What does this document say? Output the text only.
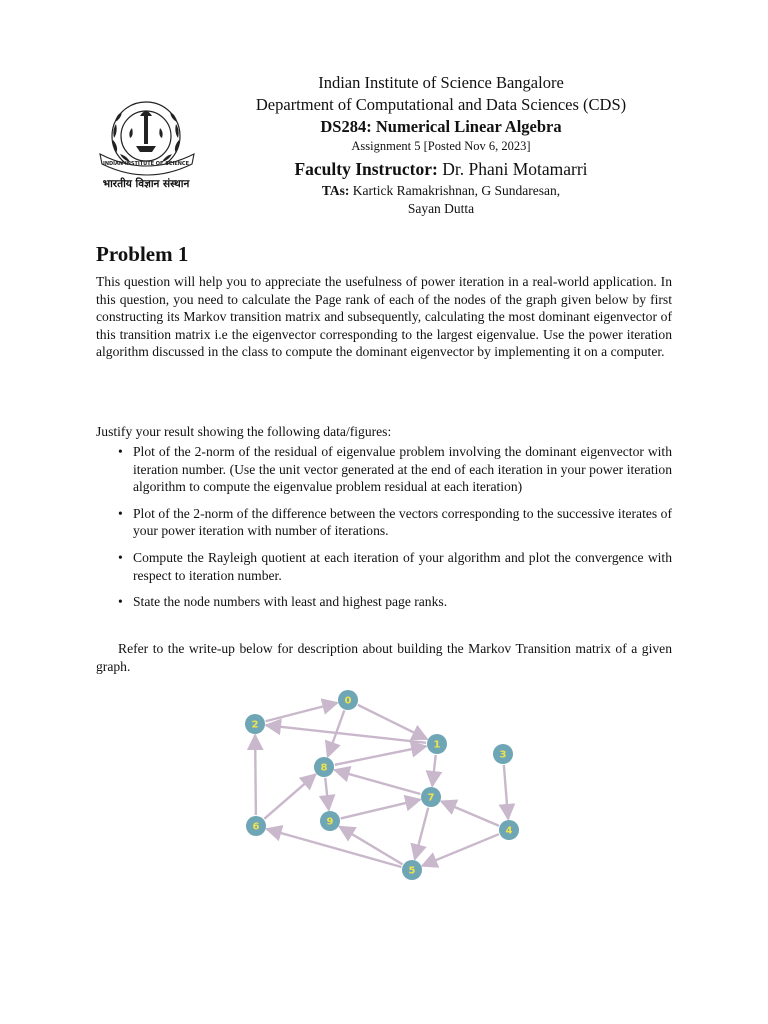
INDIAN INSTITUTE OF SCIENCE
भारतीय विज्ञान संस्थान
Indian Institute of Science Bangalore
Department of Computational and Data Sciences (CDS)
DS284: Numerical Linear Algebra
Assignment 5 [Posted Nov 6, 2023]
Faculty Instructor: Dr. Phani Motamarri
TAs: Kartick Ramakrishnan, G Sundaresan,
Sayan Dutta
Problem 1

This question will help you to appreciate the usefulness of power iteration in a real-world application. In this question, you need to calculate the Page rank of each of the nodes of the graph given below by first constructing its Markov transition matrix and subsequently, calculating the most dominant eigenvector of this transition matrix i.e the eigenvector corresponding to the largest eigenvalue. Use the power iteration algorithm discussed in the class to compute the dominant eigenvector by implementing it on a computer.

Justify your result showing the following data/figures:

• Plot of the 2-norm of the residual of eigenvalue problem involving the dominant eigenvector with iteration number. (Use the unit vector generated at the end of each iteration in your power iteration algorithm to compute the eigenvalue problem residual at each iteration)
• Plot of the 2-norm of the difference between the vectors corresponding to the successive iterates of your power iteration with number of iterations.
• Compute the Rayleigh quotient at each iteration of your algorithm and plot the convergence with respect to iteration number.
• State the node numbers with least and highest page ranks.

Refer to the write-up below for description about building the Markov Transition matrix of a given graph.

0
1
2
3
4
5
6
7
8
9
